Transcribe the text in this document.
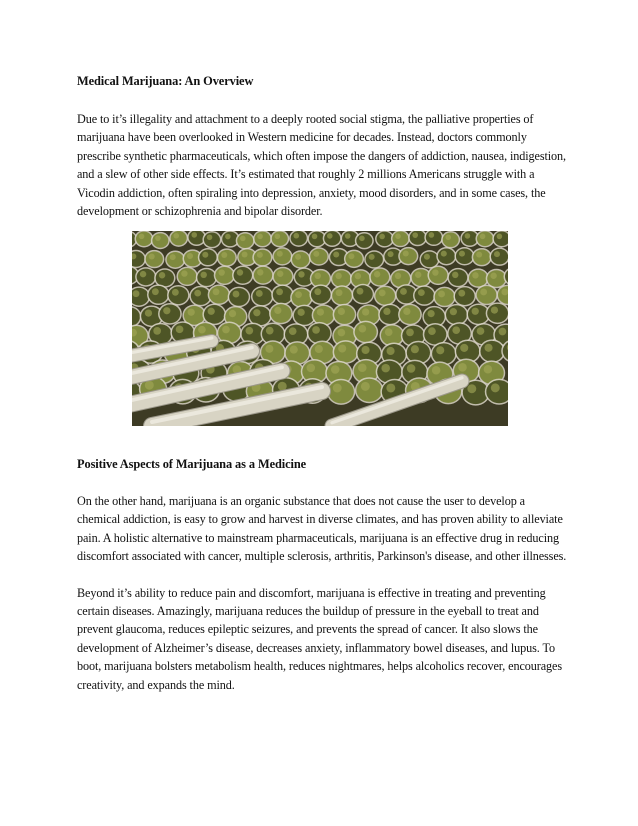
Medical Marijuana: An Overview

Due to it’s illegality and attachment to a deeply rooted social stigma, the palliative properties of marijuana have been overlooked in Western medicine for decades. Instead, doctors commonly prescribe synthetic pharmaceuticals, which often impose the dangers of addiction, nausea, indigestion, and a slew of other side effects. It’s estimated that roughly 2 millions Americans struggle with a Vicodin addiction, often spiraling into depression, anxiety, mood disorders, and in some cases, the development or schizophrenia and bipolar disorder.

Positive Aspects of Marijuana as a Medicine

On the other hand, marijuana is an organic substance that does not cause the user to develop a chemical addiction, is easy to grow and harvest in diverse climates, and has proven ability to alleviate pain. A holistic alternative to mainstream pharmaceuticals, marijuana is an effective drug in reducing discomfort associated with cancer, multiple sclerosis, arthritis, Parkinson's disease, and other illnesses.

Beyond it’s ability to reduce pain and discomfort, marijuana is effective in treating and preventing certain diseases. Amazingly, marijuana reduces the buildup of pressure in the eyeball to treat and prevent glaucoma, reduces epileptic seizures, and prevents the spread of cancer. It also slows the development of Alzheimer’s disease, decreases anxiety, inflammatory bowel diseases, and lupus. To boot, marijuana bolsters metabolism health, reduces nightmares, helps alcoholics recover, encourages creativity, and expands the mind.
